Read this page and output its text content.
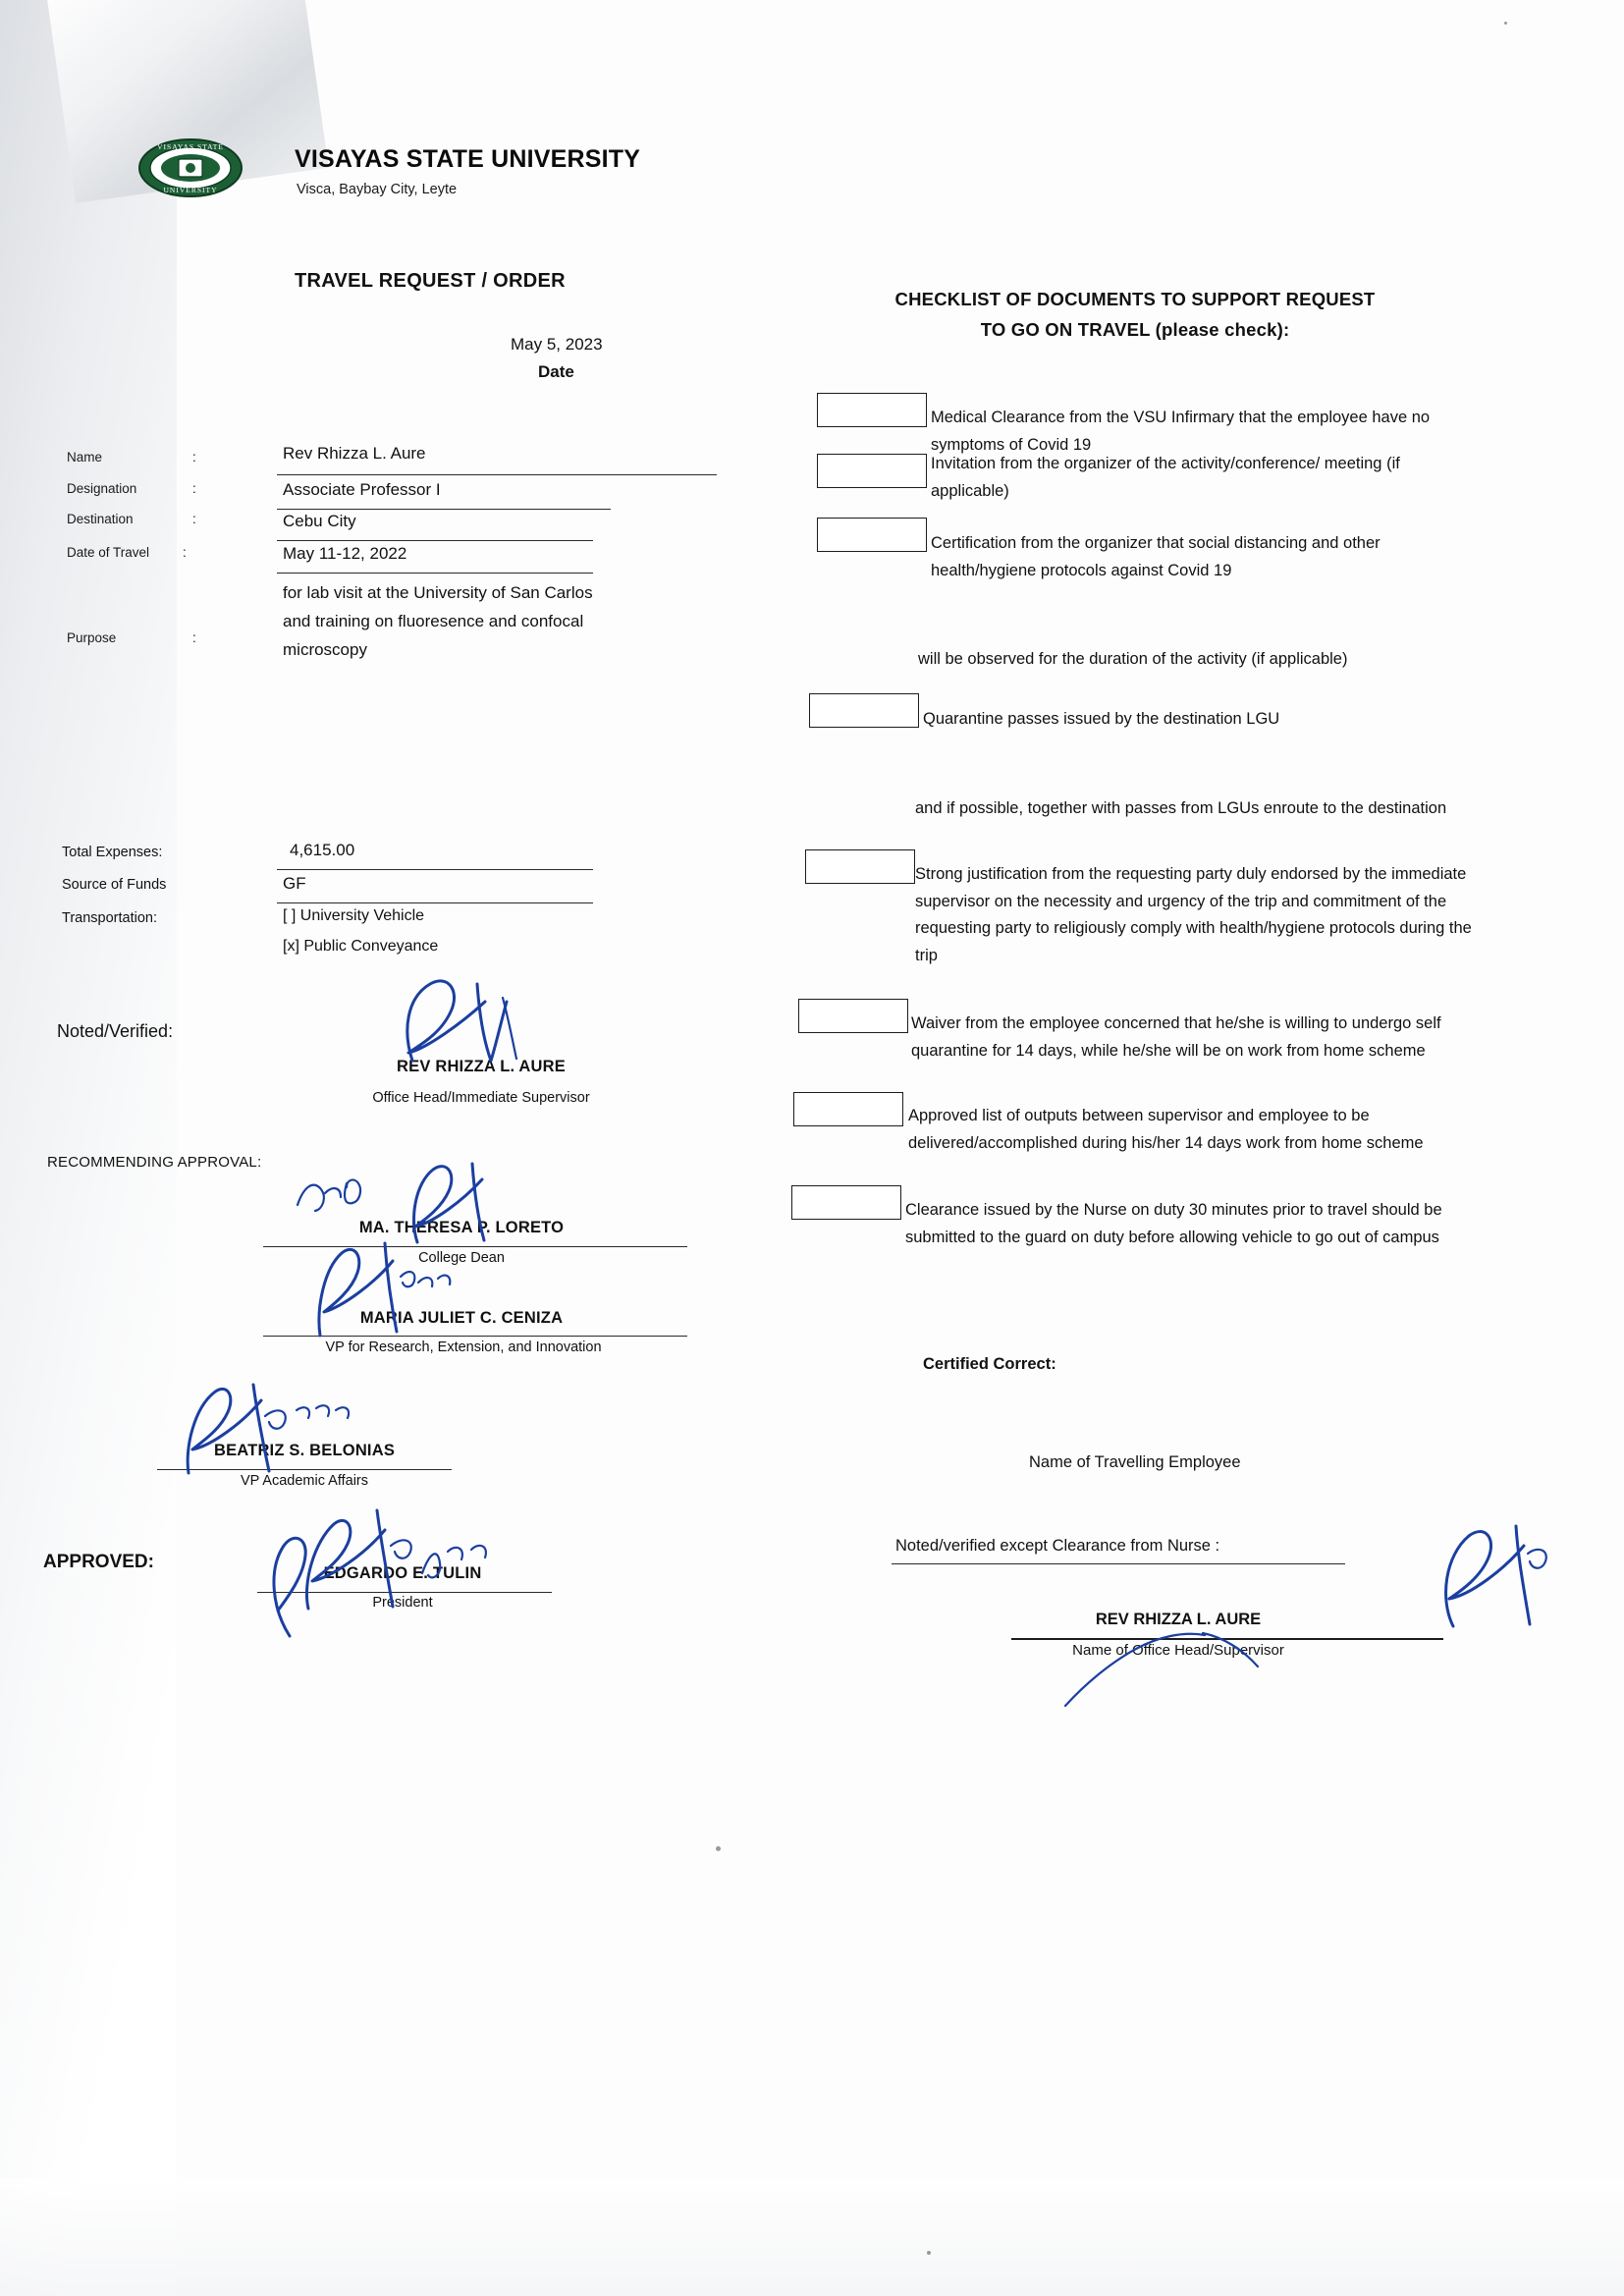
VISAYAS STATE
UNIVERSITY
VISAYAS STATE UNIVERSITY
Visca, Baybay City, Leyte
TRAVEL REQUEST / ORDER
May 5, 2023
Date
Name	:	Rev Rhizza L. Aure
Designation	:	Associate Professor I
Destination	:	Cebu City
Date of Travel	:	May 11-12, 2022
Purpose	:
for lab visit at the University of San Carlos and training on fluoresence and confocal microscopy
Total Expenses:	4,615.00
Source of Funds	GF
Transportation:	[ ] University Vehicle
[x] Public Conveyance
Noted/Verified:
RECOMMENDING APPROVAL:
APPROVED:
REV RHIZZA L. AURE
Office Head/Immediate Supervisor
MA. THERESA P. LORETO
College Dean
MARIA JULIET C. CENIZA
VP for Research, Extension, and Innovation
BEATRIZ S. BELONIAS
VP Academic Affairs
EDGARDO E. TULIN
President
CHECKLIST OF DOCUMENTS TO SUPPORT REQUEST
TO GO ON TRAVEL (please check):
Medical Clearance from the VSU Infirmary that the employee have no symptoms of Covid 19
Invitation from the organizer of the activity/conference/ meeting (if applicable)
Certification from the organizer that social distancing and other health/hygiene protocols against Covid 19
will be observed for the duration of the activity (if applicable)
Quarantine passes issued by the destination LGU
and if possible, together with passes from LGUs enroute to the destination
Strong justification from the requesting party duly endorsed by the immediate supervisor on the necessity and urgency of the trip and commitment of the requesting party to religiously comply with health/hygiene protocols during the trip
Waiver from the employee concerned that he/she is willing to undergo self quarantine for 14 days, while he/she will be on work from home scheme
Approved list of outputs between supervisor and employee to be delivered/accomplished during his/her 14 days work from home scheme
Clearance issued by the Nurse on duty 30 minutes prior to travel should be submitted to the guard on duty before allowing vehicle to go out of campus
Certified Correct:
Name of Travelling Employee
Noted/verified except Clearance from Nurse :
REV RHIZZA L. AURE
Name of Office Head/Supervisor
